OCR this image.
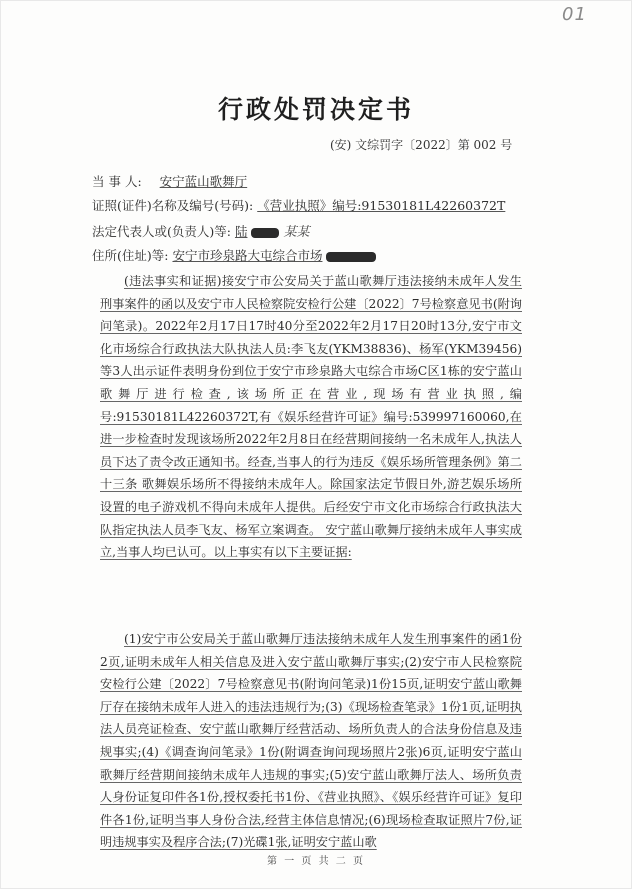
01
行政处罚决定书
(安) 文综罚字〔2022〕第 002 号
当 事 人: 安宁蓝山歌舞厅
证照(证件)名称及编号(号码): 《营业执照》编号:91530181L42260372T
法定代表人或(负责人)等: 陆	某某
住所(住址)等: 安宁市珍泉路大屯综合市场
(违法事实和证据)接安宁市公安局关于蓝山歌舞厅违法接纳未成年人发生刑事案件的函以及安宁市人民检察院安检行公建〔2022〕7号检察意见书(附询问笔录)。2022年2月17日17时40分至2022年2月17日20时13分,安宁市文化市场综合行政执法大队执法人员:李飞友(YKM38836)、杨军(YKM39456)等3人出示证件表明身份到位于安宁市珍泉路大屯综合市场C区1栋的安宁蓝山歌舞厅进行检查,该场所正在营业,现场有营业执照,编号:91530181L42260372T,有《娱乐经营许可证》编号:539997160060,在进一步检查时发现该场所2022年2月8日在经营期间接纳一名未成年人,执法人员下达了责令改正通知书。经查,当事人的行为违反《娱乐场所管理条例》第二十三条 歌舞娱乐场所不得接纳未成年人。除国家法定节假日外,游艺娱乐场所设置的电子游戏机不得向未成年人提供。后经安宁市文化市场综合行政执法大队指定执法人员李飞友、杨军立案调查。 安宁蓝山歌舞厅接纳未成年人事实成立,当事人均已认可。以上事实有以下主要证据:
(1)安宁市公安局关于蓝山歌舞厅违法接纳未成年人发生刑事案件的函1份2页,证明未成年人相关信息及进入安宁蓝山歌舞厅事实;(2)安宁市人民检察院安检行公建〔2022〕7号检察意见书(附询问笔录)1份15页,证明安宁蓝山歌舞厅存在接纳未成年人进入的违法违规行为;(3)《现场检查笔录》1份1页,证明执法人员亮证检查、安宁蓝山歌舞厅经营活动、场所负责人的合法身份信息及违规事实;(4)《调查询问笔录》1份(附调查询问现场照片2张)6页,证明安宁蓝山歌舞厅经营期间接纳未成年人违规的事实;(5)安宁蓝山歌舞厅法人、场所负责人身份证复印件各1份,授权委托书1份、《营业执照》、《娱乐经营许可证》复印件各1份,证明当事人身份合法,经营主体信息情况;(6)现场检查取证照片7份,证明违规事实及程序合法;(7)光碟1张,证明安宁蓝山歌
第 一 页 共 二 页
